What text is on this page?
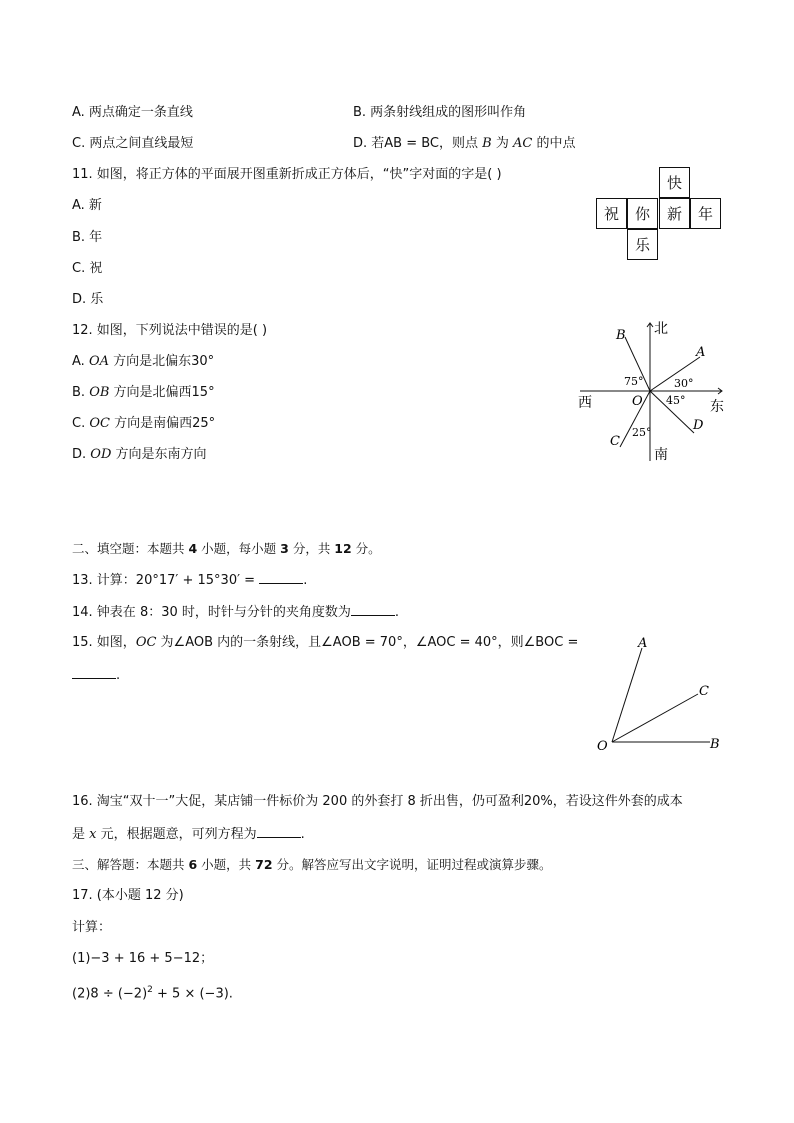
A. 两点确定一条直线	B. 两条射线组成的图形叫作角
C. 两点之间直线最短	D. 若AB = BC，则点 B 为 AC 的中点
11. 如图，将正方体的平面展开图重新折成正方体后，“快”字对面的字是( )
A. 新
B. 年
C. 祝
D. 乐
快
祝	你	新	年
乐
12. 如图，下列说法中错误的是( )
A. OA 方向是北偏东30°
B. OB 方向是北偏西15°
C. OC 方向是南偏西25°
D. OD 方向是东南方向
北
南
东
西	O
A
B
C
D
75°	30°
45°
25°
二、填空题：本题共 4 小题，每小题 3 分，共 12 分。
13. 计算：20°17′ + 15°30′ =	.
14. 钟表在 8：30 时，时针与分针的夹角度数为	.
15. 如图，OC 为∠AOB 内的一条射线，且∠AOB = 70°，∠AOC = 40°，则∠BOC =
.
A
C
B
O
16. 淘宝“双十一”大促，某店铺一件标价为 200 的外套打 8 折出售，仍可盈利20%，若设这件外套的成本
是 x 元，根据题意，可列方程为	.
三、解答题：本题共 6 小题，共 72 分。解答应写出文字说明，证明过程或演算步骤。
17. (本小题 12 分)
计算：
(1)−3 + 16 + 5−12；
$(2)8 \div (-2)^2 + 5 \times (-3)$.
